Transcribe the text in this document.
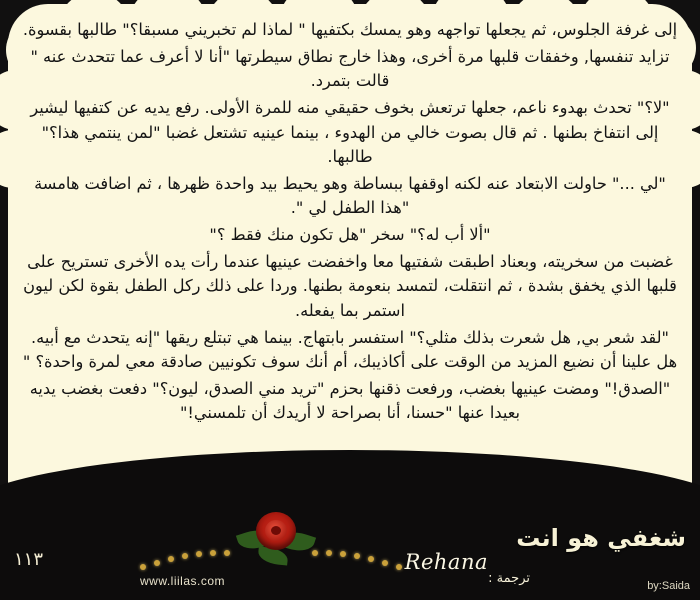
إلى غرفة الجلوس، ثم يجعلها تواجهه وهو يمسك بكتفيها " لماذا لم تخبريني مسبقا؟" طالبها بقسوة.

تزايد تنفسها, وخفقات قلبها مرة أخرى، وهذا خارج نطاق سيطرتها "أنا لا أعرف عما تتحدث عنه " قالت بتمرد.

"لا؟" تحدث بهدوء ناعم، جعلها ترتعش بخوف حقيقي منه للمرة الأولى. رفع يديه عن كتفيها ليشير إلى انتفاخ بطنها . ثم قال بصوت خالي من الهدوء ، بينما عينيه تشتعل غضبا "لمن ينتمي هذا؟" طالبها.

"لي ..." حاولت الابتعاد عنه لكنه اوقفها ببساطة وهو يحيط بيد واحدة ظهرها ، ثم اضافت هامسة "هذا الطفل لي ".

"ألا أب له؟" سخر "هل تكون منك فقط ؟"

غضبت من سخريته، وبعناد اطبقت شفتيها معا واخفضت عينيها عندما رأت يده الأخرى تستريح على قلبها الذي يخفق بشدة ، ثم انتقلت، لتمسد بنعومة بطنها. وردا على ذلك ركل الطفل بقوة لكن ليون استمر بما يفعله.

"لقد شعر بي, هل شعرت بذلك مثلي؟" استفسر بابتهاج. بينما هي تبتلع ريقها "إنه يتحدث مع أبيه. هل علينا أن نضيع المزيد من الوقت على أكاذيبك، أم أنك سوف تكونيين صادقة معي لمرة واحدة؟ "

"الصدق!" ومضت عينيها بغضب، ورفعت ذقنها بحزم "تريد مني الصدق، ليون؟" دفعت بغضب يديه بعيدا عنها "حسنا، أنا بصراحة لا أريدك أن تلمسني!"

شغفي هو انت
Rehana
ترجمة :
١١٣
www.liilas.com	by:Saida
